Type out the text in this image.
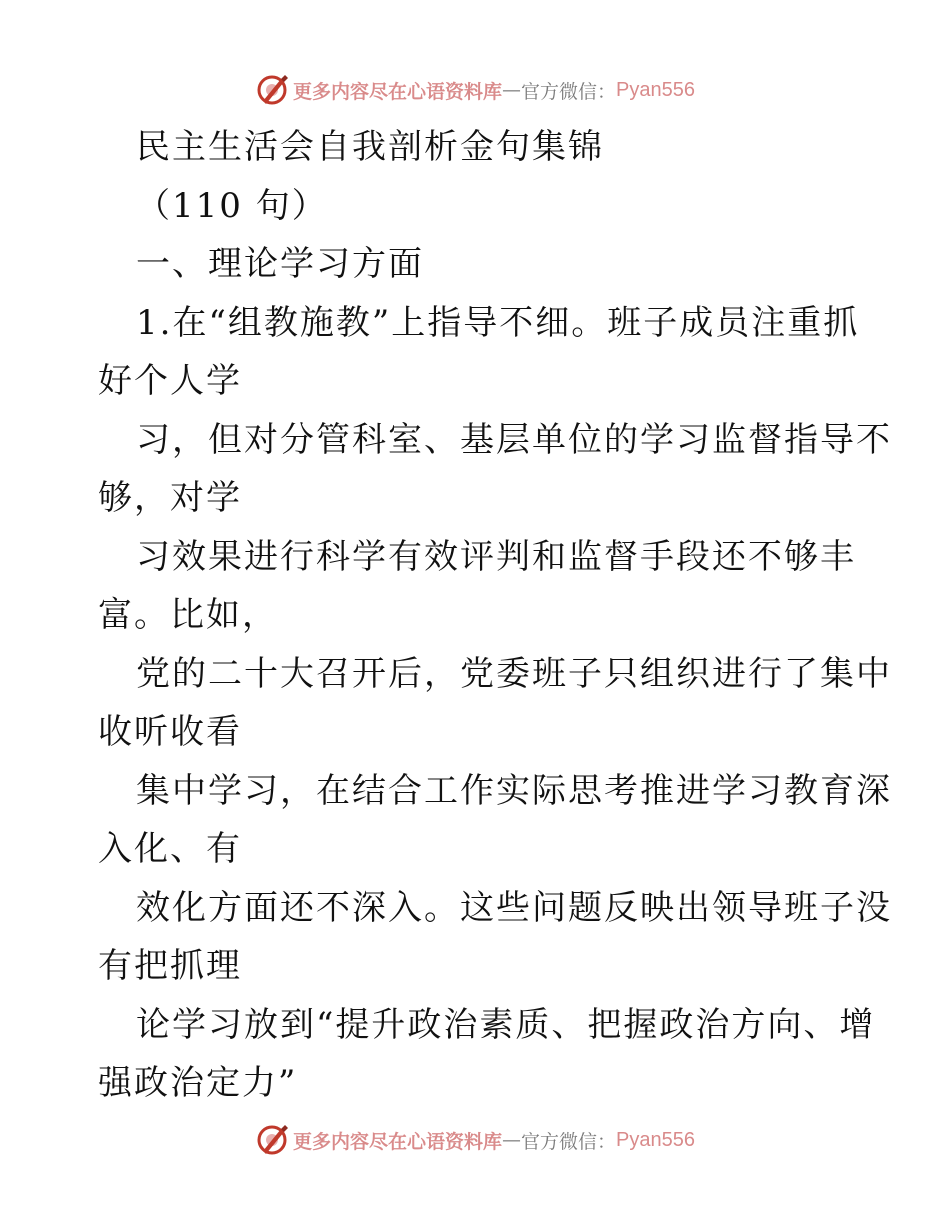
更多内容尽在心语资料库 — 官方微信： Pyan556
民主生活会自我剖析金句集锦
（110 句）
一、理论学习方面
1.在“组教施教”上指导不细。班子成员注重抓
好个人学
习，但对分管科室、基层单位的学习监督指导不
够，对学
习效果进行科学有效评判和监督手段还不够丰
富。比如，
党的二十大召开后，党委班子只组织进行了集中
收听收看
集中学习，在结合工作实际思考推进学习教育深
入化、有
效化方面还不深入。这些问题反映出领导班子没
有把抓理
论学习放到“提升政治素质、把握政治方向、增
强政治定力”
更多内容尽在心语资料库 — 官方微信： Pyan556
